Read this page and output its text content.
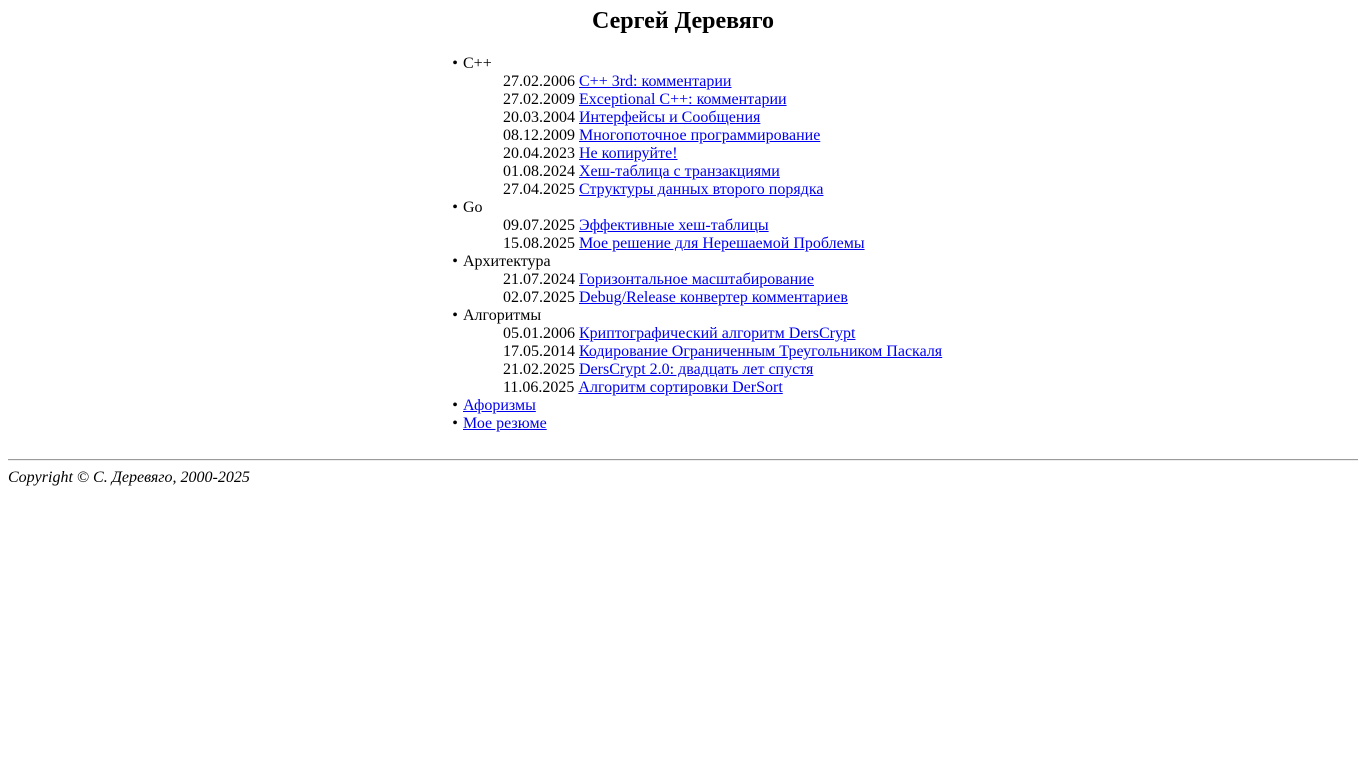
Сергей Деревяго
• C++
27.02.2006 C++ 3rd: комментарии
27.02.2009 Exceptional C++: комментарии
20.03.2004 Интерфейсы и Сообщения
08.12.2009 Многопоточное программирование
20.04.2023 Не копируйте!
01.08.2024 Хеш-таблица с транзакциями
27.04.2025 Структуры данных второго порядка
• Go
09.07.2025 Эффективные хеш-таблицы
15.08.2025 Мое решение для Нерешаемой Проблемы
• Архитектура
21.07.2024 Горизонтальное масштабирование
02.07.2025 Debug/Release конвертер комментариев
• Алгоритмы
05.01.2006 Криптографический алгоритм DersCrypt
17.05.2014 Кодирование Ограниченным Треугольником Паскаля
21.02.2025 DersCrypt 2.0: двадцать лет спустя
11.06.2025 Алгоритм сортировки DerSort
• Афоризмы
• Мое резюме
Copyright © С. Деревяго, 2000-2025
